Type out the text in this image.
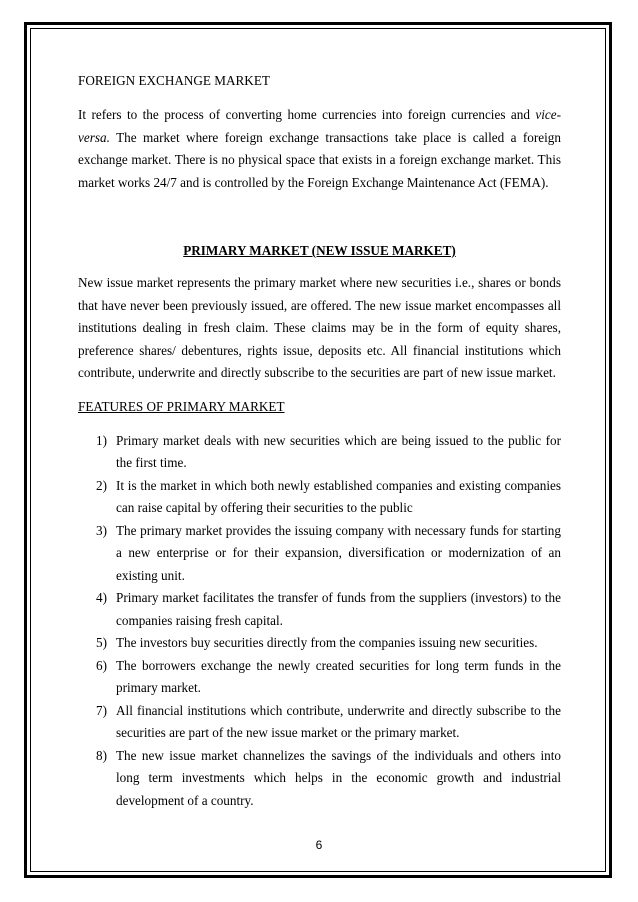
FOREIGN EXCHANGE MARKET

It refers to the process of converting home currencies into foreign currencies and vice-versa. The market where foreign exchange transactions take place is called a foreign exchange market. There is no physical space that exists in a foreign exchange market. This market works 24/7 and is controlled by the Foreign Exchange Maintenance Act (FEMA).

PRIMARY MARKET (NEW ISSUE MARKET)

New issue market represents the primary market where new securities i.e., shares or bonds that have never been previously issued, are offered. The new issue market encompasses all institutions dealing in fresh claim. These claims may be in the form of equity shares, preference shares/ debentures, rights issue, deposits etc. All financial institutions which contribute, underwrite and directly subscribe to the securities are part of new issue market.

FEATURES OF PRIMARY MARKET

1) Primary market deals with new securities which are being issued to the public for the first time.
2) It is the market in which both newly established companies and existing companies can raise capital by offering their securities to the public
3) The primary market provides the issuing company with necessary funds for starting a new enterprise or for their expansion, diversification or modernization of an existing unit.
4) Primary market facilitates the transfer of funds from the suppliers (investors) to the companies raising fresh capital.
5) The investors buy securities directly from the companies issuing new securities.
6) The borrowers exchange the newly created securities for long term funds in the primary market.
7) All financial institutions which contribute, underwrite and directly subscribe to the securities are part of the new issue market or the primary market.
8) The new issue market channelizes the savings of the individuals and others into long term investments which helps in the economic growth and industrial development of a country.
6
